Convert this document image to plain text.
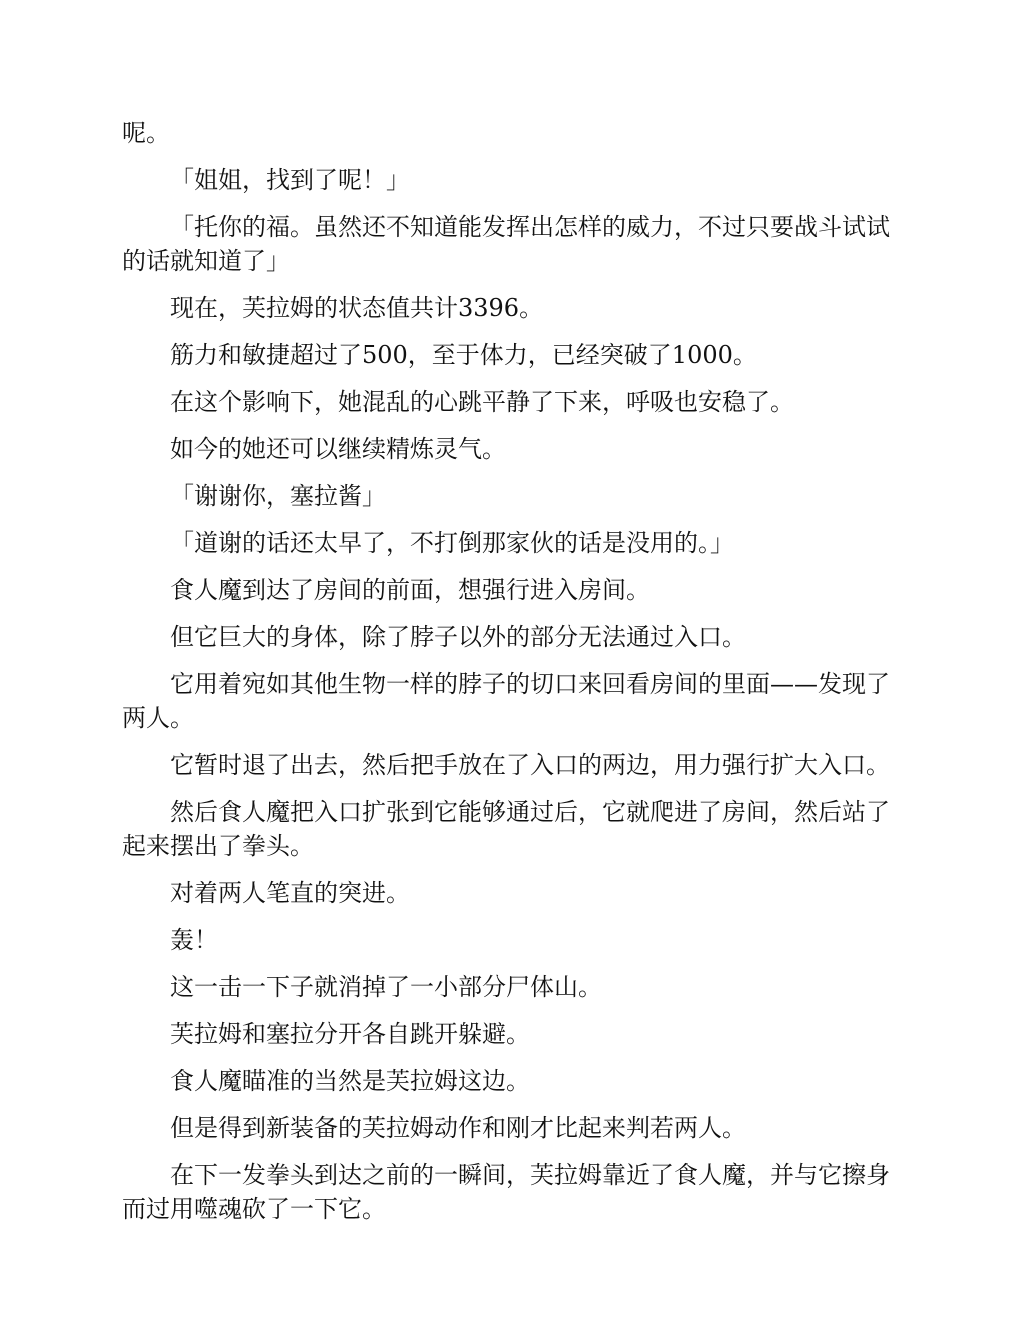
呢。

「姐姐，找到了呢！」

「托你的福。虽然还不知道能发挥出怎样的威力，不过只要战斗试试的话就知道了」

现在，芙拉姆的状态值共计3396。

筋力和敏捷超过了500，至于体力，已经突破了1000。

在这个影响下，她混乱的心跳平静了下来，呼吸也安稳了。

如今的她还可以继续精炼灵气。

「谢谢你，塞拉酱」

「道谢的话还太早了，不打倒那家伙的话是没用的。」

食人魔到达了房间的前面，想强行进入房间。

但它巨大的身体，除了脖子以外的部分无法通过入口。

它用着宛如其他生物一样的脖子的切口来回看房间的里面——发现了两人。

它暂时退了出去，然后把手放在了入口的两边，用力强行扩大入口。

然后食人魔把入口扩张到它能够通过后，它就爬进了房间，然后站了起来摆出了拳头。

对着两人笔直的突进。

轰！

这一击一下子就消掉了一小部分尸体山。

芙拉姆和塞拉分开各自跳开躲避。

食人魔瞄准的当然是芙拉姆这边。

但是得到新装备的芙拉姆动作和刚才比起来判若两人。

在下一发拳头到达之前的一瞬间，芙拉姆靠近了食人魔，并与它擦身而过用噬魂砍了一下它。
